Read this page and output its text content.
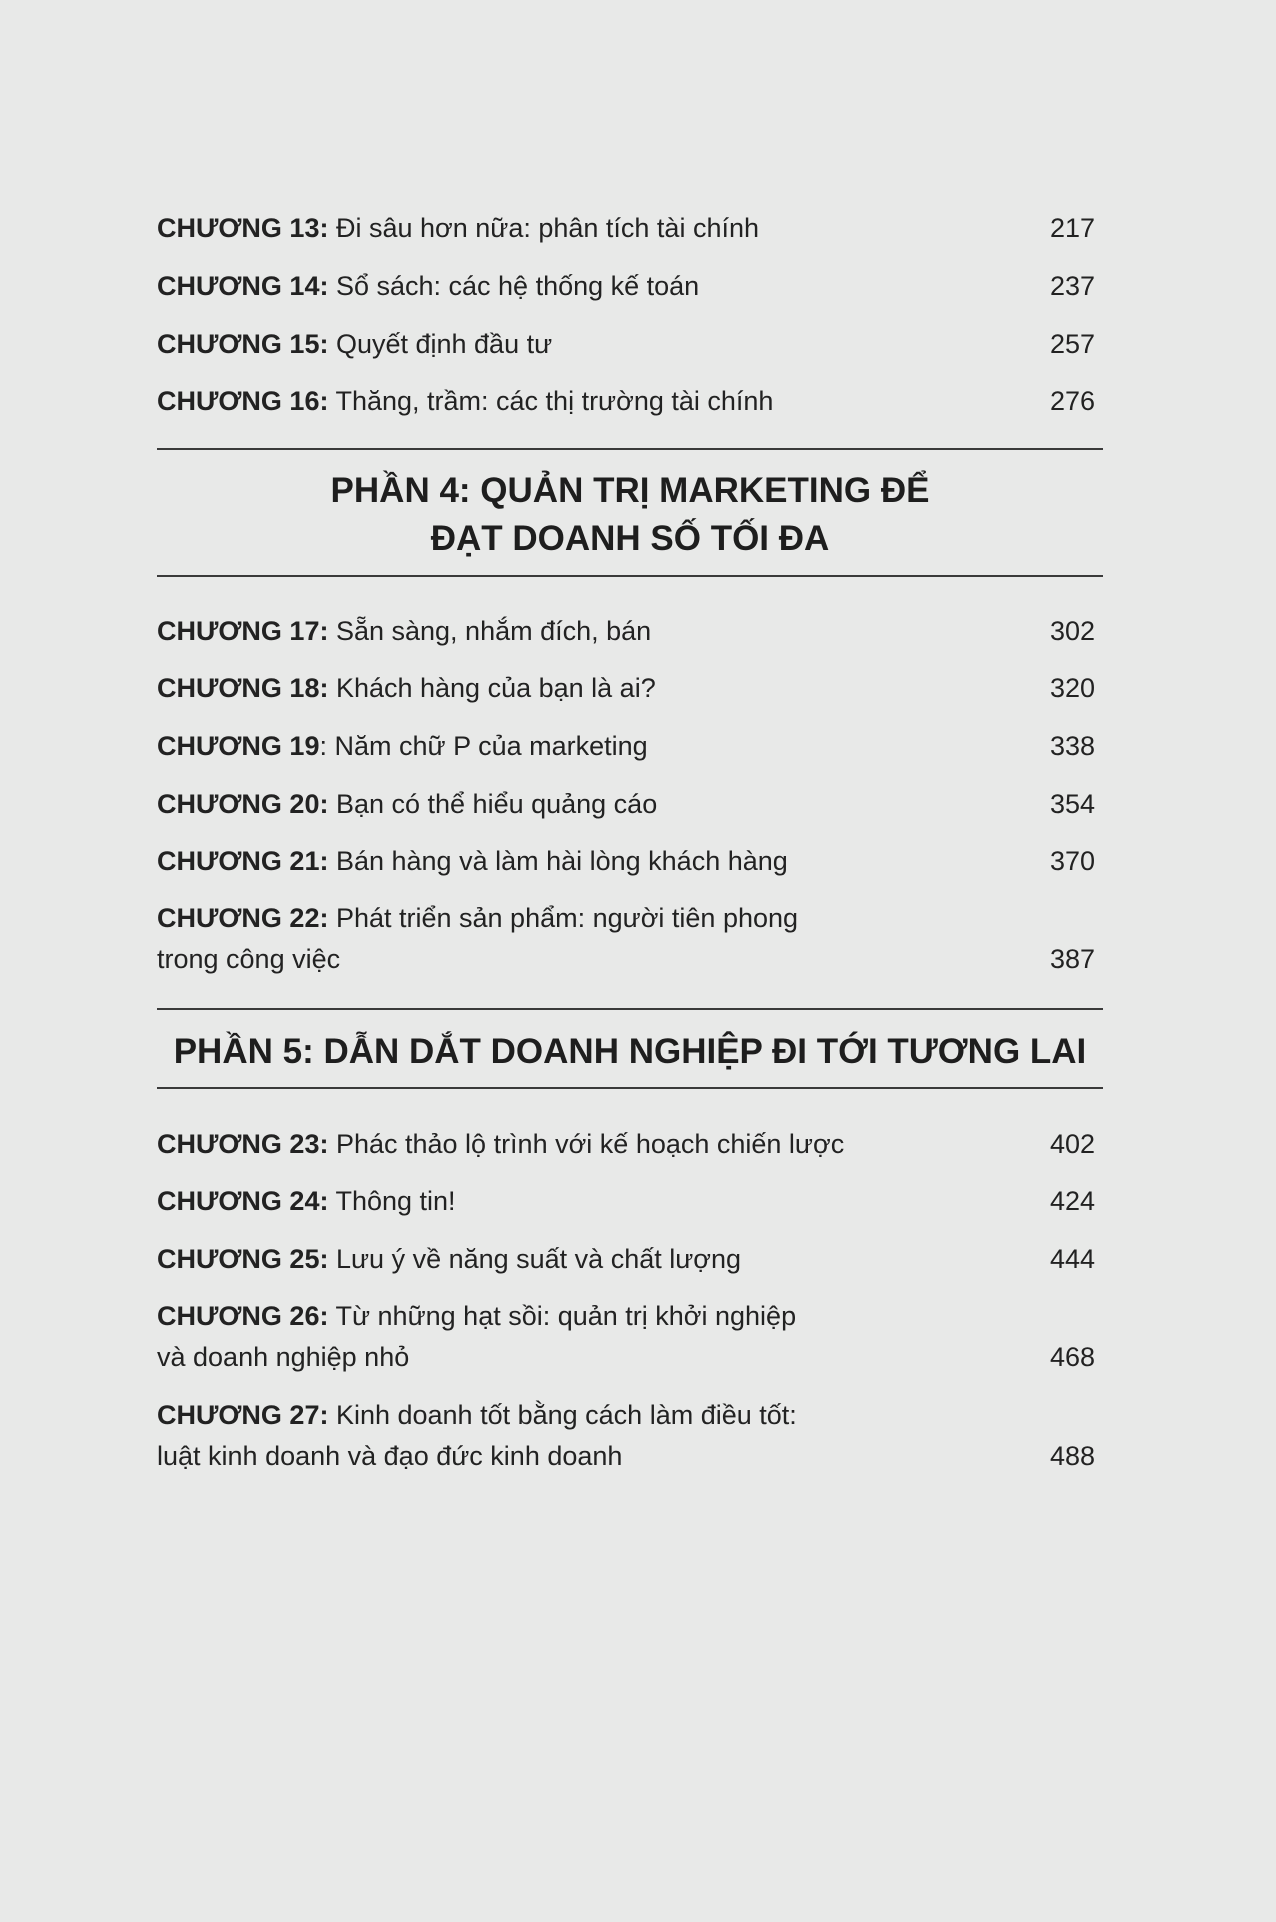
CHƯƠNG 13: Đi sâu hơn nữa: phân tích tài chính	217
CHƯƠNG 14: Sổ sách: các hệ thống kế toán	237
CHƯƠNG 15: Quyết định đầu tư	257
CHƯƠNG 16: Thăng, trầm: các thị trường tài chính	276
PHẦN 4: QUẢN TRỊ MARKETING ĐỂ
ĐẠT DOANH SỐ TỐI ĐA
CHƯƠNG 17: Sẵn sàng, nhắm đích, bán	302
CHƯƠNG 18: Khách hàng của bạn là ai?	320
CHƯƠNG 19: Năm chữ P của marketing	338
CHƯƠNG 20: Bạn có thể hiểu quảng cáo	354
CHƯƠNG 21: Bán hàng và làm hài lòng khách hàng	370
CHƯƠNG 22: Phát triển sản phẩm: người tiên phong
trong công việc	387
PHẦN 5: DẪN DẮT DOANH NGHIỆP ĐI TỚI TƯƠNG LAI
CHƯƠNG 23: Phác thảo lộ trình với kế hoạch chiến lược	402
CHƯƠNG 24: Thông tin!	424
CHƯƠNG 25: Lưu ý về năng suất và chất lượng	444
CHƯƠNG 26: Từ những hạt sồi: quản trị khởi nghiệp
và doanh nghiệp nhỏ	468
CHƯƠNG 27: Kinh doanh tốt bằng cách làm điều tốt:
luật kinh doanh và đạo đức kinh doanh	488
